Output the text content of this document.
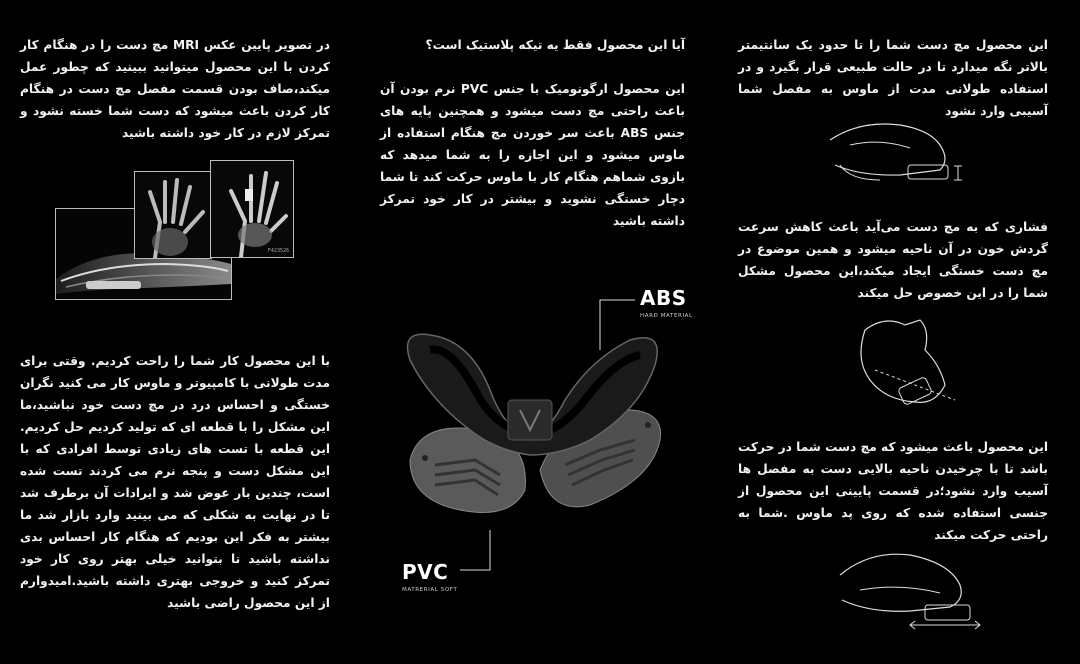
در تصویر پایین عکس MRI مچ دست را در هنگام کار کردن با این محصول میتوانید ببینید که چطور عمل میکند،صاف بودن قسمت مفصل مچ دست در هنگام کار کردن باعث میشود که دست شما خسته نشود و تمرکز لازم در کار خود داشته باشید
F423526
با این محصول کار شما را راحت کردیم. وقتی برای مدت طولانی با کامپیوتر و ماوس کار می کنید نگران خستگی و احساس درد در مچ دست خود نباشید،ما این مشکل را با قطعه ای که تولید کردیم حل کردیم. این قطعه با تست های زیادی توسط افرادی که با این مشکل دست و پنجه نرم می کردند تست شده است، چندین بار عوض شد و ایرادات آن برطرف شد تا در نهایت به شکلی که می بینید وارد بازار شد ما بیشتر به فکر این بودیم که هنگام کار احساس بدی نداشته باشید تا بتوانید خیلی بهتر روی کار خود تمرکز کنید و خروجی بهتری داشته باشید.امیدوارم از این محصول راضی باشید
آیا این محصول فقط یه تیکه پلاستیک است؟
این محصول ارگونومیک با جنس PVC نرم بودن آن باعث راحتی مچ دست میشود و همچنین پایه های جنس ABS باعث سر خوردن مچ هنگام استفاده از ماوس میشود و این اجازه را به شما میدهد که بازوی شماهم هنگام کار با ماوس حرکت کند تا شما دچار خستگی نشوید و بیشتر در کار خود تمرکز داشته باشید
ABS
HARD MATERIAL
PVC
MATRERIAL SOFT
این محصول مچ دست شما را تا حدود یک سانتیمتر بالاتر نگه میدارد تا در حالت طبیعی قرار بگیرد و در استفاده طولانی مدت از ماوس به مفصل شما آسیبی وارد نشود
فشاری که به مچ دست می‌آید باعث کاهش سرعت گردش خون در آن ناحیه میشود و همین موضوع در مچ دست خستگی ایجاد میکند،این محصول مشکل شما را در این خصوص حل میکند
این محصول باعث میشود که مچ دست شما در حرکت باشد تا با چرخیدن ناحیه بالایی دست به مفصل ها آسیب وارد نشود؛در قسمت پایینی این محصول از جنسی استفاده شده که روی پد ماوس .شما به راحتی حرکت میکند
